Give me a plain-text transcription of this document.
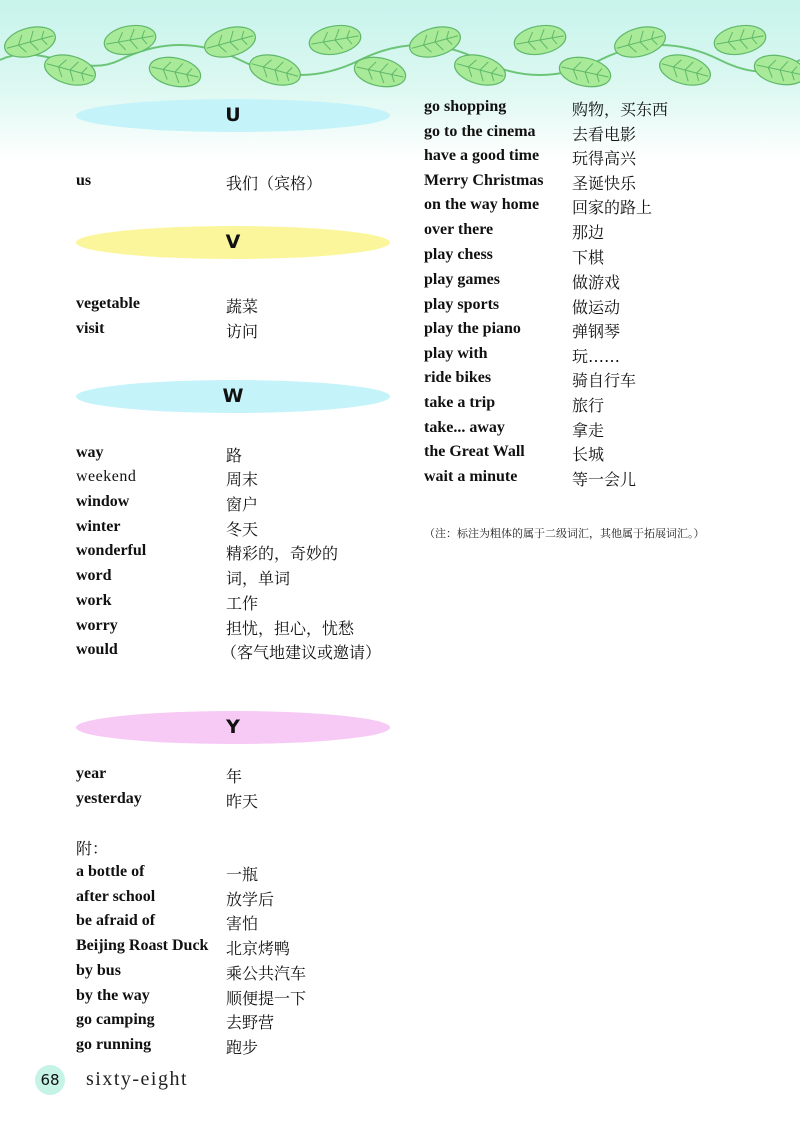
U
us	我们（宾格）
V
vegetable	蔬菜
visit	访问
W
way	路
weekend	周末
window	窗户
winter	冬天
wonderful	精彩的，奇妙的
word	词，单词
work	工作
worry	担忧，担心，忧愁
would	（客气地建议或邀请）
Y
year	年
yesterday	昨天
附：
a bottle of	一瓶
after school	放学后
be afraid of	害怕
Beijing Roast Duck 北京烤鸭
by bus	乘公共汽车
by the way	顺便提一下
go camping	去野营
go running	跑步
go shopping	购物，买东西
go to the cinema 去看电影
have a good time 玩得高兴
Merry Christmas 圣诞快乐
on the way home 回家的路上
over there	那边
play chess	下棋
play games	做游戏
play sports	做运动
play the piano	弹钢琴
play with	玩……
ride bikes	骑自行车
take a trip	旅行
take... away	拿走
the Great Wall	长城
wait a minute	等一会儿
（注：标注为粗体的属于二级词汇，其他属于拓展词汇。）
68 sixty-eight
